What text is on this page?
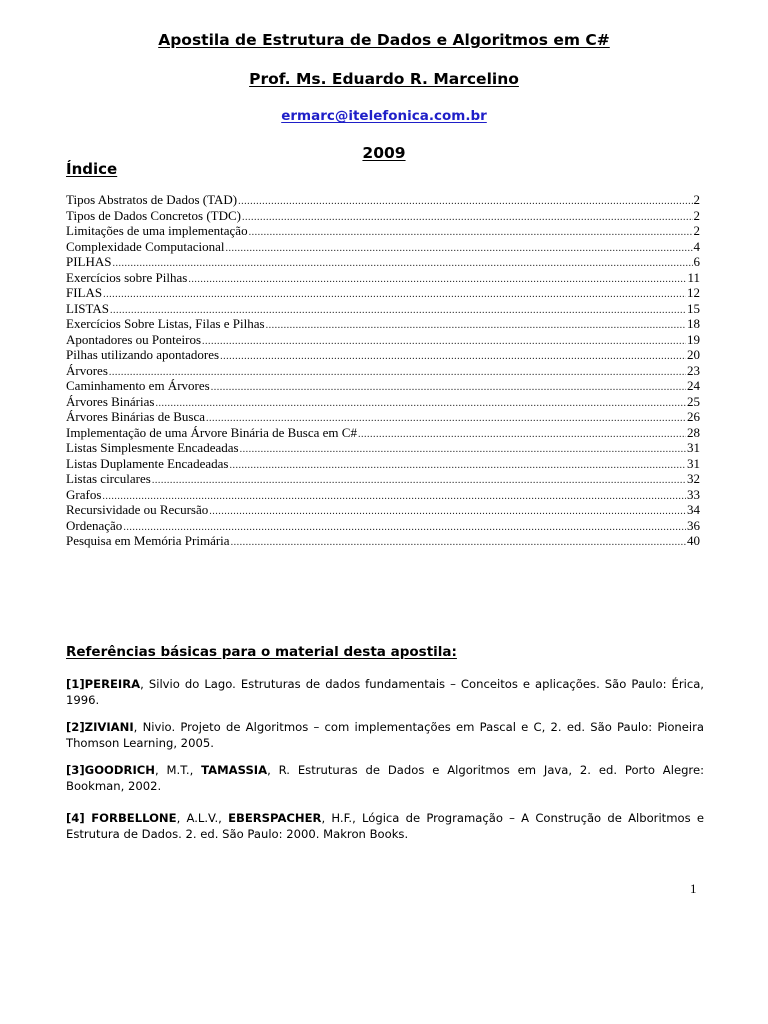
Apostila de Estrutura de Dados e Algoritmos em C#
Prof. Ms. Eduardo R. Marcelino
ermarc@itelefonica.com.br
2009
Índice
Tipos Abstratos de Dados (TAD) .....	2
Tipos de Dados Concretos (TDC) .....	2
Limitações de uma implementação .....	2
Complexidade Computacional .....	4
PILHAS .....	6
Exercícios sobre Pilhas .....	11
FILAS .....	12
LISTAS .....	15
Exercícios Sobre Listas, Filas e Pilhas .....	18
Apontadores ou Ponteiros .....	19
Pilhas utilizando apontadores .....	20
Árvores .....	23
Caminhamento em Árvores .....	24
Árvores Binárias .....	25
Árvores Binárias de Busca .....	26
Implementação de uma Árvore Binária de Busca em C# .....	28
Listas Simplesmente Encadeadas .....	31
Listas Duplamente Encadeadas .....	31
Listas circulares .....	32
Grafos .....	33
Recursividade ou Recursão .....	34
Ordenação .....	36
Pesquisa em Memória Primária .....	40
Referências básicas para o material desta apostila:

[1]PEREIRA, Silvio do Lago. Estruturas de dados fundamentais – Conceitos e aplicações. São Paulo: Érica, 1996.

[2]ZIVIANI, Nivio. Projeto de Algoritmos – com implementações em Pascal e C, 2. ed. São Paulo: Pioneira Thomson Learning, 2005.

[3]GOODRICH, M.T., TAMASSIA, R. Estruturas de Dados e Algoritmos em Java, 2. ed. Porto Alegre: Bookman, 2002.

[4] FORBELLONE, A.L.V., EBERSPACHER, H.F., Lógica de Programação – A Construção de Alboritmos e Estrutura de Dados. 2. ed. São Paulo: 2000. Makron Books.

1
